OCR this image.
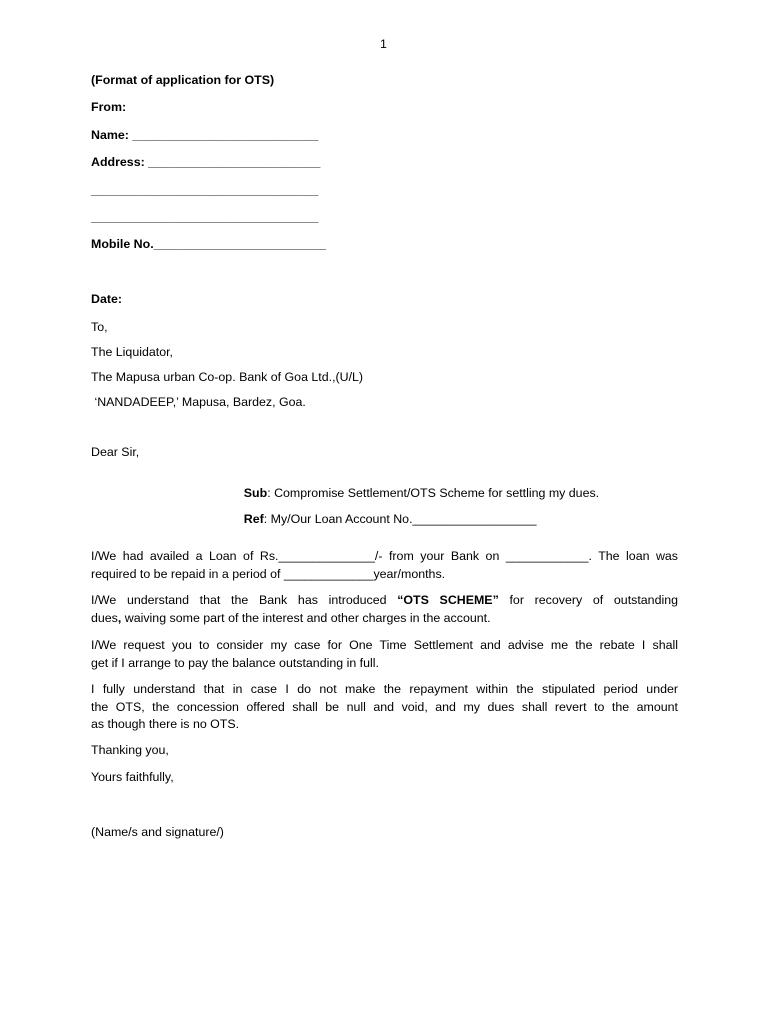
1
(Format of application for OTS)
From:
Name: ___________________________
Address: _________________________
_________________________________
_________________________________
Mobile No._________________________
Date:
To,
The Liquidator,
The Mapusa urban Co-op. Bank of Goa Ltd.,(U/L)
‘NANDADEEP,’ Mapusa, Bardez, Goa.
Dear Sir,

Sub: Compromise Settlement/OTS Scheme for settling my dues.

Ref: My/Our Loan Account No.__________________

I/We had availed a Loan of Rs.______________/- from your Bank on ____________. The loan was
required to be repaid in a period of _____________year/months.
I/We understand that the Bank has introduced “OTS SCHEME” for recovery of outstanding
dues, waiving some part of the interest and other charges in the account.
I/We request you to consider my case for One Time Settlement and advise me the rebate I shall
get if I arrange to pay the balance outstanding in full.
I fully understand that in case I do not make the repayment within the stipulated period under
the OTS, the concession offered shall be null and void, and my dues shall revert to the amount
as though there is no OTS.
Thanking you,
Yours faithfully,
(Name/s and signature/)
